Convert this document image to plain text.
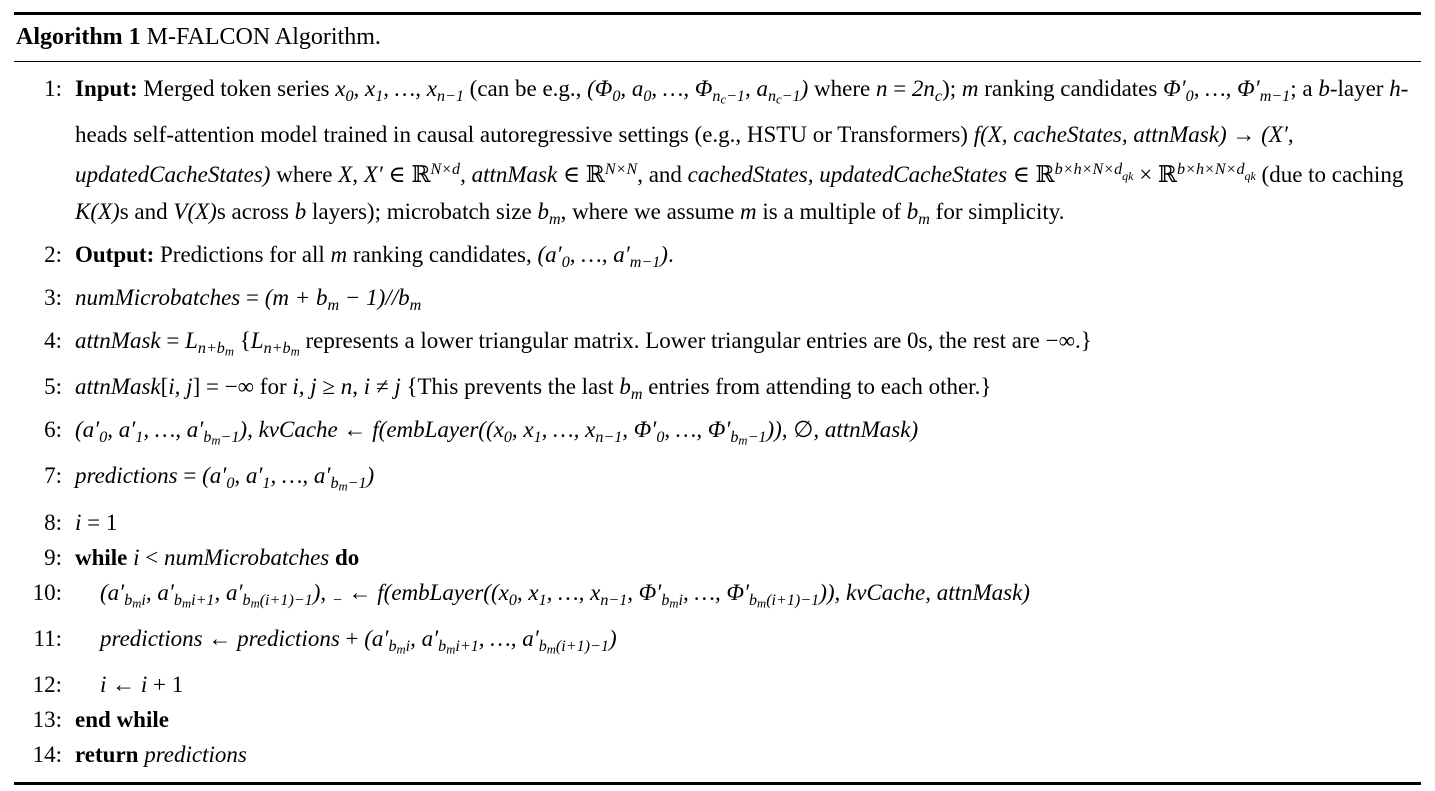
Algorithm 1 M-FALCON Algorithm.
1: Input: Merged token series $x_0$, $x_1$, …, $x_{n-1}$ (can be e.g., ($\Phi_0$, $a_0$, …, $\Phi_{nc-1}$, $a_{nc-1}$) where $n = 2n_c$); m ranking candidates $\Phi'_0$, …, $\Phi'_{m-1}$; a b-layer h-heads self-attention model trained in causal autoregressive settings (e.g., HSTU or Transformers) f(X, cacheStates, attnMask) → (X′, updatedCacheStates) where X, X′ ∈ ℝ$^{N\times d}$, attnMask ∈ ℝ$^{N\times N}$, and cachedStates, updatedCacheStates ∈ ℝ$^{b\times h\times N\times d}$qk × ℝ$^{b\times h\times N\times d}$qk (due to caching K(X)s and V(X)s across b layers); microbatch size $b_m$, where we assume m is a multiple of $b_m$ for simplicity.
2: Output: Predictions for all m ranking candidates, ($a'_0$, …, $a'_{m-1}$).
3: numMicrobatches = $(m + b_m - 1)//b_m$
4: attnMask = $L_{n+bm}$ {$L_{n+bm}$ represents a lower triangular matrix. Lower triangular entries are 0s, the rest are −∞.}
5: attnMask[i, j] = −∞ for i, j ≥ n, i ≠ j {This prevents the last $b_m$ entries from attending to each other.}
6: ($a'_0$, $a'_1$, …, $a'_{bm-1}$), kvCache ← $f(embLayer((x_0$, $x_1$, …, $x_{n-1}$, $\Phi'_0$, …, $\Phi'_{bm-1}$)), ∅, attnMask)
7: predictions = ($a'_0$, $a'_1$, …, $a'_{bm-1}$)
8: i = 1
9: while i < numMicrobatches do
10:	($a'_{bmi}$, $a'_{bmi+1}$, $a'_{bm(i+1)-1}$), $_-$ ← $f(embLayer((x_0$, $x_1$, …, $x_{n-1}$, $\Phi'_{bmi}$, …, $\Phi'_{bm(i+1)-1}$)), kvCache, attnMask)
11:	predictions ← predictions + ($a'_{bmi}$, $a'_{bmi+1}$, …, $a'_{bm(i+1)-1}$)
12:	i ← i + 1
13: end while
14: return predictions
